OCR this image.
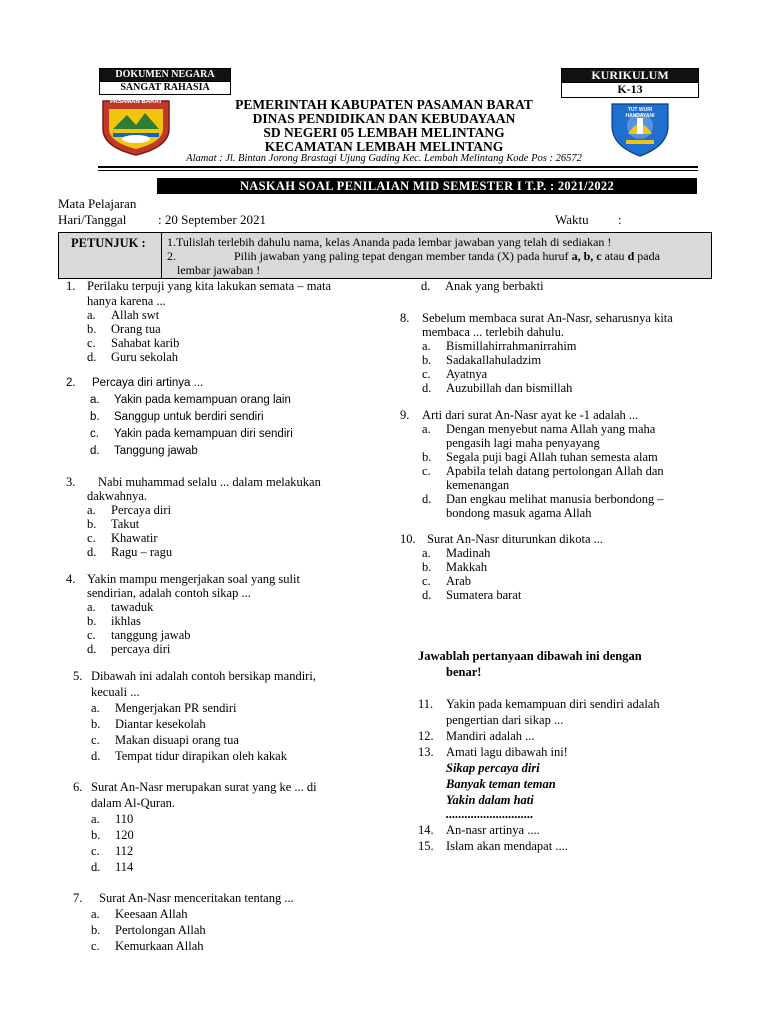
DOKUMEN NEGARA
SANGAT RAHASIA
KURIKULUM
K-13
PASAMAN BARAT
TUT WURI HANDAYANI
PEMERINTAH KABUPATEN PASAMAN BARAT
DINAS PENDIDIKAN DAN KEBUDAYAAN
SD NEGERI 05 LEMBAH MELINTANG
KECAMATAN LEMBAH MELINTANG
Alamat : Jl. Bintan Jorong Brastagi Ujung Gading Kec. Lembah Melintang Kode Pos : 26572
NASKAH SOAL PENILAIAN MID SEMESTER I T.P. : 2021/2022
Mata Pelajaran
Hari/Tanggal : 20 September 2021	Waktu :
PETUNJUK : 1.Tulislah terlebih dahulu nama, kelas Ananda pada lembar jawaban yang telah di sediakan !
2.	Pilih jawaban yang paling tepat dengan member tanda (X) pada huruf a, b, c atau d pada
lembar jawaban !
1. Perilaku terpuji yang kita lakukan semata – mata
hanya karena ...
a. Allah swt
b. Orang tua
c. Sahabat karib
d. Guru sekolah
2. Percaya diri artinya ...
a. Yakin pada kemampuan orang lain
b. Sanggup untuk berdiri sendiri
c. Yakin pada kemampuan diri sendiri
d. Tanggung jawab
3. Nabi muhammad selalu ... dalam melakukan
dakwahnya.
a. Percaya diri
b. Takut
c. Khawatir
d. Ragu – ragu
4. Yakin mampu mengerjakan soal yang sulit
sendirian, adalah contoh sikap ...
a. tawaduk
b. ikhlas
c. tanggung jawab
d. percaya diri
5. Dibawah ini adalah contoh bersikap mandiri,
kecuali ...
a. Mengerjakan PR sendiri
b. Diantar kesekolah
c. Makan disuapi orang tua
d. Tempat tidur dirapikan oleh kakak
6. Surat An-Nasr merupakan surat yang ke ... di
dalam Al-Quran.
a. 110
b. 120
c. 112
d. 114
7. Surat An-Nasr menceritakan tentang ...
a. Keesaan Allah
b. Pertolongan Allah
c. Kemurkaan Allah
d. Anak yang berbakti
8. Sebelum membaca surat An-Nasr, seharusnya kita
membaca ... terlebih dahulu.
a. Bismillahirrahmanirrahim
b. Sadakallahuladzim
c. Ayatnya
d. Auzubillah dan bismillah
9. Arti dari surat An-Nasr ayat ke -1 adalah ...
a. Dengan menyebut nama Allah yang maha
pengasih lagi maha penyayang
b. Segala puji bagi Allah tuhan semesta alam
c. Apabila telah datang pertolongan Allah dan
kemenangan
d. Dan engkau melihat manusia berbondong –
bondong masuk agama Allah
10. Surat An-Nasr diturunkan dikota ...
a. Madinah
b. Makkah
c. Arab
d. Sumatera barat
Jawablah pertanyaan dibawah ini dengan
benar!
11. Yakin pada kemampuan diri sendiri adalah
pengertian dari sikap ...
12. Mandiri adalah ...
13. Amati lagu dibawah ini!
Sikap percaya diri
Banyak teman teman
Yakin dalam hati
............................
14. An-nasr artinya ....
15. Islam akan mendapat ....
